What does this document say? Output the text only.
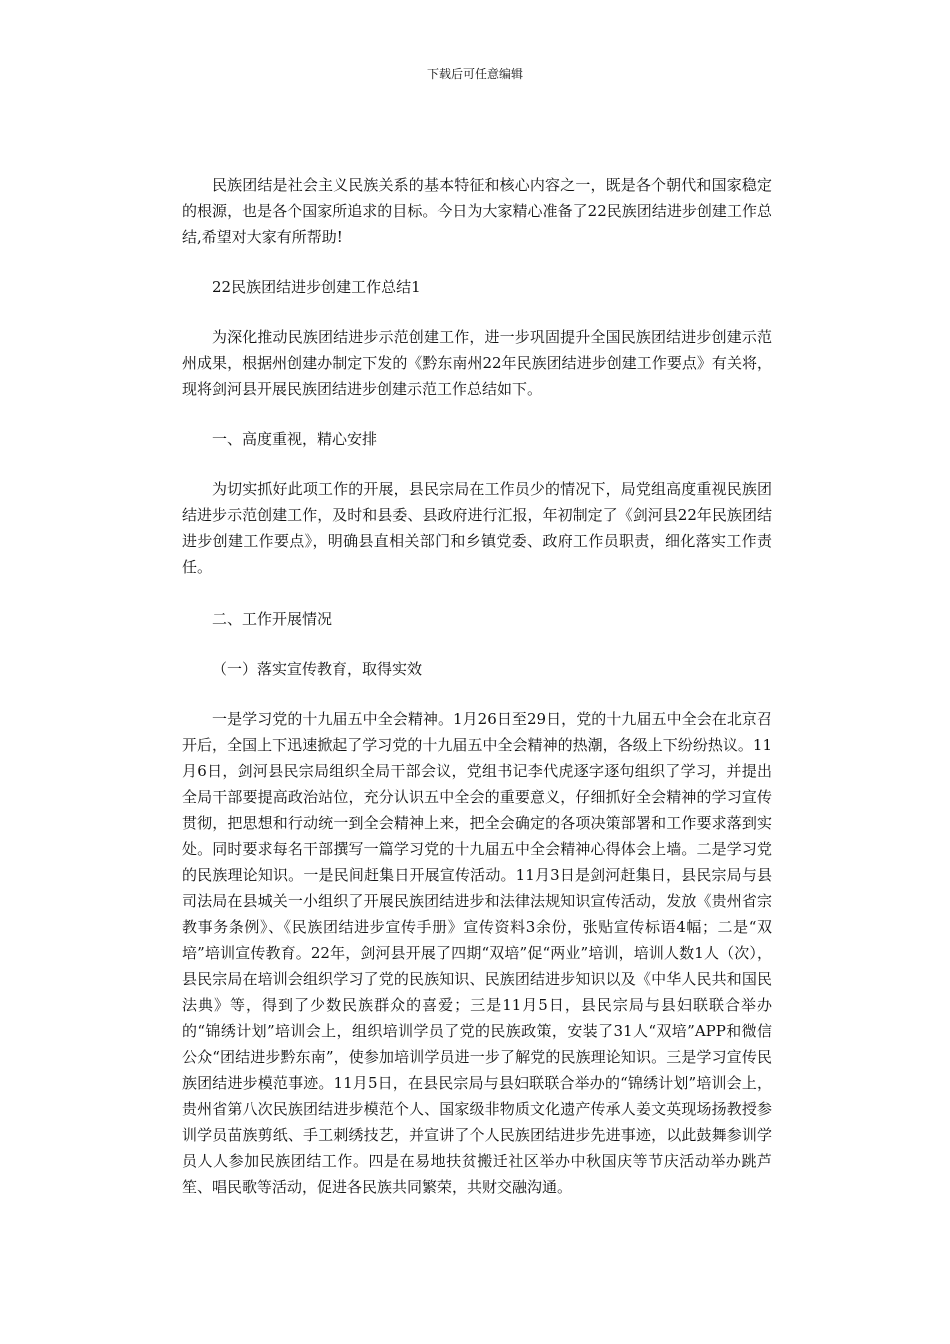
下载后可任意编辑

民族团结是社会主义民族关系的基本特征和核心内容之一，既是各个朝代和国家稳定的根源，也是各个国家所追求的目标。今日为大家精心准备了22民族团结进步创建工作总结,希望对大家有所帮助!

22民族团结进步创建工作总结1

为深化推动民族团结进步示范创建工作，进一步巩固提升全国民族团结进步创建示范州成果，根据州创建办制定下发的《黔东南州22年民族团结进步创建工作要点》有关将，现将剑河县开展民族团结进步创建示范工作总结如下。

一、高度重视，精心安排

为切实抓好此项工作的开展，县民宗局在工作员少的情况下，局党组高度重视民族团结进步示范创建工作，及时和县委、县政府进行汇报，年初制定了《剑河县22年民族团结进步创建工作要点》，明确县直相关部门和乡镇党委、政府工作员职责，细化落实工作责任。

二、工作开展情况

（一）落实宣传教育，取得实效

一是学习党的十九届五中全会精神。1月26日至29日，党的十九届五中全会在北京召开后，全国上下迅速掀起了学习党的十九届五中全会精神的热潮，各级上下纷纷热议。11月6日，剑河县民宗局组织全局干部会议，党组书记李代虎逐字逐句组织了学习，并提出全局干部要提高政治站位，充分认识五中全会的重要意义，仔细抓好全会精神的学习宣传贯彻，把思想和行动统一到全会精神上来，把全会确定的各项决策部署和工作要求落到实处。同时要求每名干部撰写一篇学习党的十九届五中全会精神心得体会上墙。二是学习党的民族理论知识。一是民间赶集日开展宣传活动。11月3日是剑河赶集日，县民宗局与县司法局在县城关一小组织了开展民族团结进步和法律法规知识宣传活动，发放《贵州省宗教事务条例》、《民族团结进步宣传手册》宣传资料3余份，张贴宣传标语4幅；二是“双培”培训宣传教育。22年，剑河县开展了四期“双培”促“两业”培训，培训人数1人（次），县民宗局在培训会组织学习了党的民族知识、民族团结进步知识以及《中华人民共和国民法典》等，得到了少数民族群众的喜爱；三是11月5日，县民宗局与县妇联联合举办的“锦绣计划”培训会上，组织培训学员了党的民族政策，安装了31人“双培”APP和微信公众“团结进步黔东南”，使参加培训学员进一步了解党的民族理论知识。三是学习宣传民族团结进步模范事迹。11月5日，在县民宗局与县妇联联合举办的“锦绣计划”培训会上，贵州省第八次民族团结进步模范个人、国家级非物质文化遗产传承人姜文英现场扬教授参训学员苗族剪纸、手工刺绣技艺，并宣讲了个人民族团结进步先进事迹，以此鼓舞参训学员人人参加民族团结工作。四是在易地扶贫搬迁社区举办中秋国庆等节庆活动举办跳芦笙、唱民歌等活动，促进各民族共同繁荣，共财交融沟通。
